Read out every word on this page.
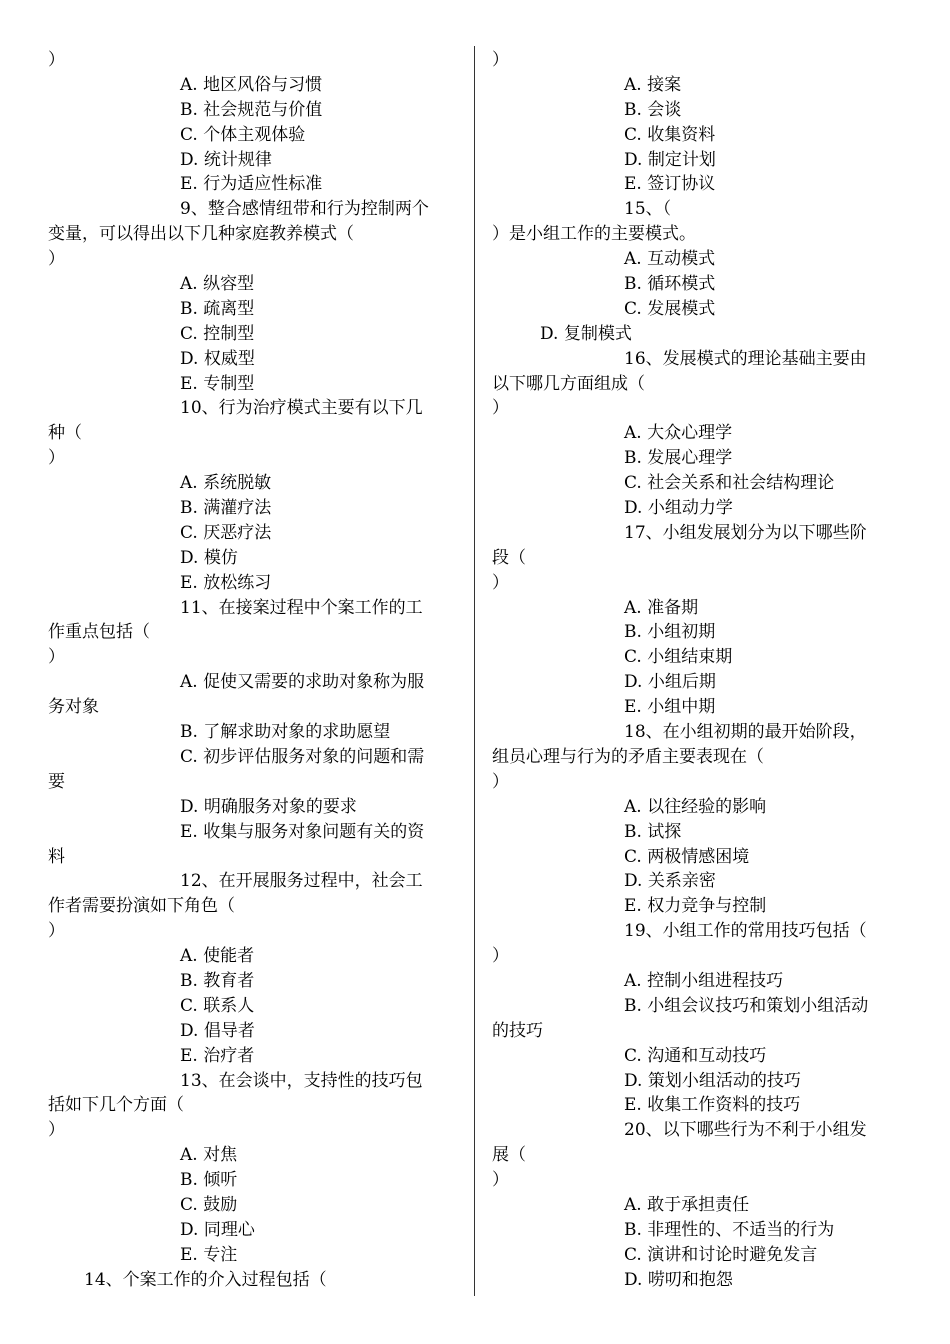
）
A. 地区风俗与习惯
B. 社会规范与价值
C. 个体主观体验
D. 统计规律
E. 行为适应性标准
9、整合感情纽带和行为控制两个
变量，可以得出以下几种家庭教养模式（
）
A. 纵容型
B. 疏离型
C. 控制型
D. 权威型
E. 专制型
10、行为治疗模式主要有以下几
种（
）
A. 系统脱敏
B. 满灌疗法
C. 厌恶疗法
D. 模仿
E. 放松练习
11、在接案过程中个案工作的工
作重点包括（
）
A. 促使又需要的求助对象称为服
务对象
B. 了解求助对象的求助愿望
C. 初步评估服务对象的问题和需
要
D. 明确服务对象的要求
E. 收集与服务对象问题有关的资
料
12、在开展服务过程中，社会工
作者需要扮演如下角色（
）
A. 使能者
B. 教育者
C. 联系人
D. 倡导者
E. 治疗者
13、在会谈中，支持性的技巧包
括如下几个方面（
）
A. 对焦
B. 倾听
C. 鼓励
D. 同理心
E. 专注
14、个案工作的介入过程包括（
）
A. 接案
B. 会谈
C. 收集资料
D. 制定计划
E. 签订协议
15、（
）是小组工作的主要模式。
A. 互动模式
B. 循环模式
C. 发展模式
D. 复制模式
16、发展模式的理论基础主要由
以下哪几方面组成（
）
A. 大众心理学
B. 发展心理学
C. 社会关系和社会结构理论
D. 小组动力学
17、小组发展划分为以下哪些阶
段（
）
A. 准备期
B. 小组初期
C. 小组结束期
D. 小组后期
E. 小组中期
18、在小组初期的最开始阶段，
组员心理与行为的矛盾主要表现在（
）
A. 以往经验的影响
B. 试探
C. 两极情感困境
D. 关系亲密
E. 权力竞争与控制
19、小组工作的常用技巧包括（
）
A. 控制小组进程技巧
B. 小组会议技巧和策划小组活动
的技巧
C. 沟通和互动技巧
D. 策划小组活动的技巧
E. 收集工作资料的技巧
20、以下哪些行为不利于小组发
展（
）
A. 敢于承担责任
B. 非理性的、不适当的行为
C. 演讲和讨论时避免发言
D. 唠叨和抱怨
